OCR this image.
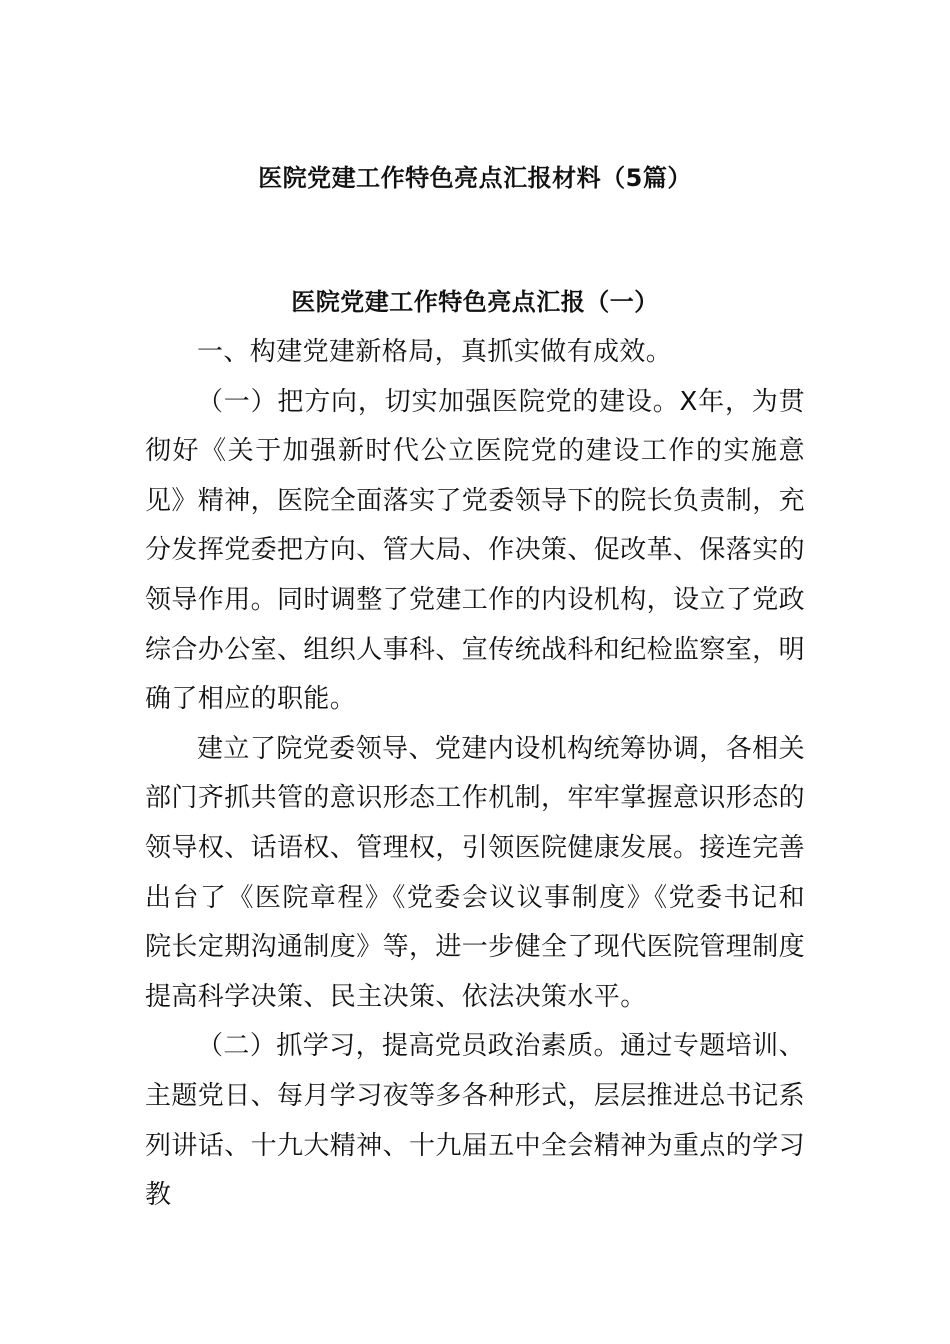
医院党建工作特色亮点汇报材料（5篇）
医院党建工作特色亮点汇报（一）

一、构建党建新格局，真抓实做有成效。

（一）把方向，切实加强医院党的建设。X年，为贯彻好《关于加强新时代公立医院党的建设工作的实施意见》精神，医院全面落实了党委领导下的院长负责制，充分发挥党委把方向、管大局、作决策、促改革、保落实的领导作用。同时调整了党建工作的内设机构，设立了党政综合办公室、组织人事科、宣传统战科和纪检监察室，明确了相应的职能。

建立了院党委领导、党建内设机构统筹协调，各相关部门齐抓共管的意识形态工作机制，牢牢掌握意识形态的领导权、话语权、管理权，引领医院健康发展。接连完善出台了《医院章程》《党委会议议事制度》《党委书记和院长定期沟通制度》等，进一步健全了现代医院管理制度提高科学决策、民主决策、依法决策水平。

（二）抓学习，提高党员政治素质。通过专题培训、主题党日、每月学习夜等多各种形式，层层推进总书记系列讲话、十九大精神、十九届五中全会精神为重点的学习教
